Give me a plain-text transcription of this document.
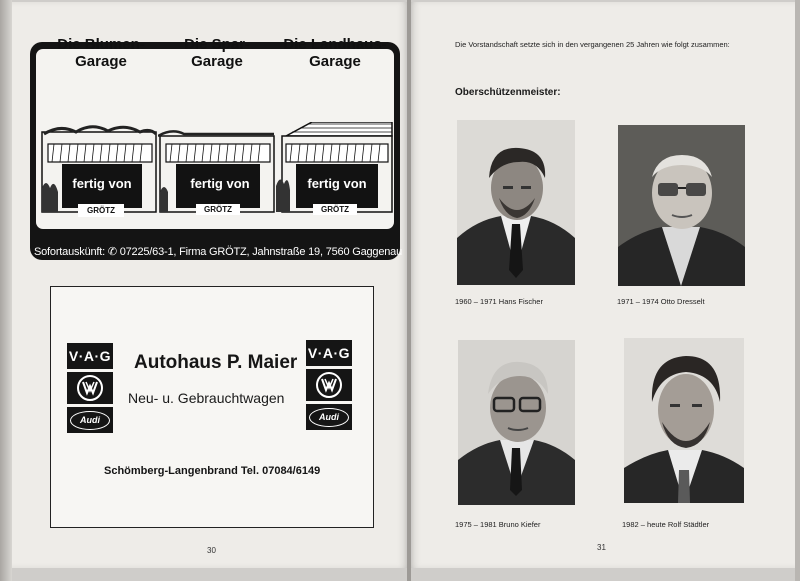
Die Blumen-
Garage
Die Spar-
Garage
Die Landhaus-
Garage
fertig von
GRÖTZ
fertig von
GRÖTZ
fertig von
GRÖTZ
Sofortauskünft: ✆ 07225/63-1, Firma GRÖTZ, Jahnstraße 19, 7560 Gaggenau
V·A·G
Audi
V·A·G
Audi
Autohaus P. Maier
Neu- u. Gebrauchtwagen
Schömberg-Langenbrand Tel. 07084/6149
30
Die Vorstandschaft setzte sich in den vergangenen 25 Jahren wie folgt zusammen:
Oberschützenmeister:
1960 – 1971 Hans Fischer	1971 – 1974 Otto Dresselt
1975 – 1981 Bruno Kiefer	1982 – heute Rolf Städtler
31
